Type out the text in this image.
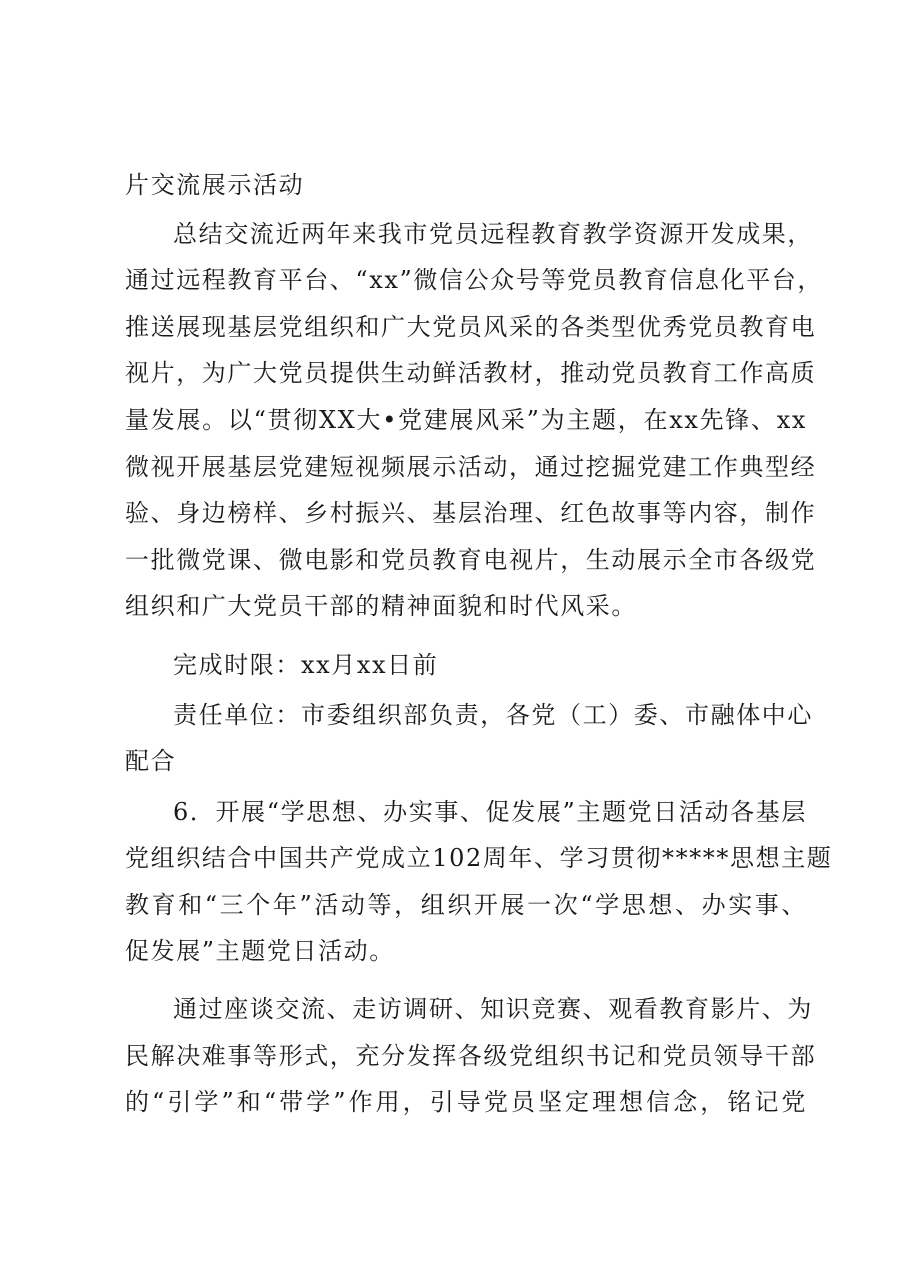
片交流展示活动
总结交流近两年来我市党员远程教育教学资源开发成果，
通过远程教育平台、“xx”微信公众号等党员教育信息化平台，
推送展现基层党组织和广大党员风采的各类型优秀党员教育电
视片，为广大党员提供生动鲜活教材，推动党员教育工作高质
量发展。以“贯彻XX大•党建展风采”为主题，在xx先锋、xx
微视开展基层党建短视频展示活动，通过挖掘党建工作典型经
验、身边榜样、乡村振兴、基层治理、红色故事等内容，制作
一批微党课、微电影和党员教育电视片，生动展示全市各级党
组织和广大党员干部的精神面貌和时代风采。
完成时限：xx月xx日前
责任单位：市委组织部负责，各党（工）委、市融体中心
配合
6．开展“学思想、办实事、促发展”主题党日活动各基层
党组织结合中国共产党成立102周年、学习贯彻*****思想主题
教育和“三个年”活动等，组织开展一次“学思想、办实事、
促发展”主题党日活动。
通过座谈交流、走访调研、知识竞赛、观看教育影片、为
民解决难事等形式，充分发挥各级党组织书记和党员领导干部
的“引学”和“带学”作用，引导党员坚定理想信念，铭记党
